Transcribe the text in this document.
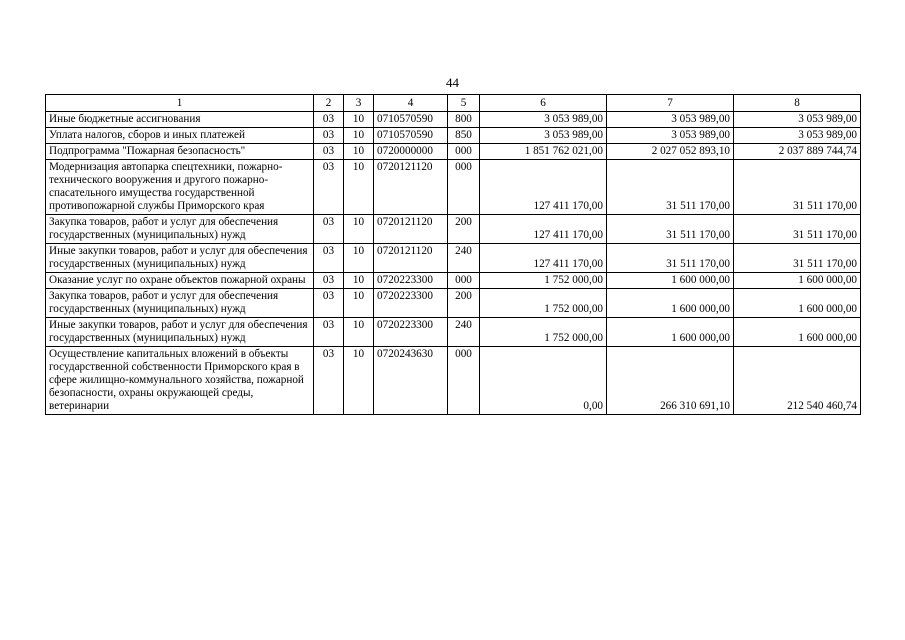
44
1	2	3	4	5	6	7	8
Иные бюджетные ассигнования	03	10	0710570590	800	3 053 989,00	3 053 989,00	3 053 989,00
Уплата налогов, сборов и иных платежей	03	10	0710570590	850	3 053 989,00	3 053 989,00	3 053 989,00
Подпрограмма "Пожарная безопасность"	03	10	0720000000	000	1 851 762 021,00	2 027 052 893,10	2 037 889 744,74
Модернизация автопарка спецтехники, пожарно-технического вооружения и другого пожарно-спасательного имущества государственной противопожарной службы Приморского края	03	10	0720121120	000	127 411 170,00	31 511 170,00	31 511 170,00
Закупка товаров, работ и услуг для обеспечения государственных (муниципальных) нужд	03	10	0720121120	200	127 411 170,00	31 511 170,00	31 511 170,00
Иные закупки товаров, работ и услуг для обеспечения государственных (муниципальных) нужд	03	10	0720121120	240	127 411 170,00	31 511 170,00	31 511 170,00
Оказание услуг по охране объектов пожарной охраны	03	10	0720223300	000	1 752 000,00	1 600 000,00	1 600 000,00
Закупка товаров, работ и услуг для обеспечения государственных (муниципальных) нужд	03	10	0720223300	200	1 752 000,00	1 600 000,00	1 600 000,00
Иные закупки товаров, работ и услуг для обеспечения государственных (муниципальных) нужд	03	10	0720223300	240	1 752 000,00	1 600 000,00	1 600 000,00
Осуществление капитальных вложений в объекты государственной собственности Приморского края в сфере жилищно-коммунального хозяйства, пожарной безопасности, охраны окружающей среды, ветеринарии	03	10	0720243630	000	0,00	266 310 691,10	212 540 460,74
